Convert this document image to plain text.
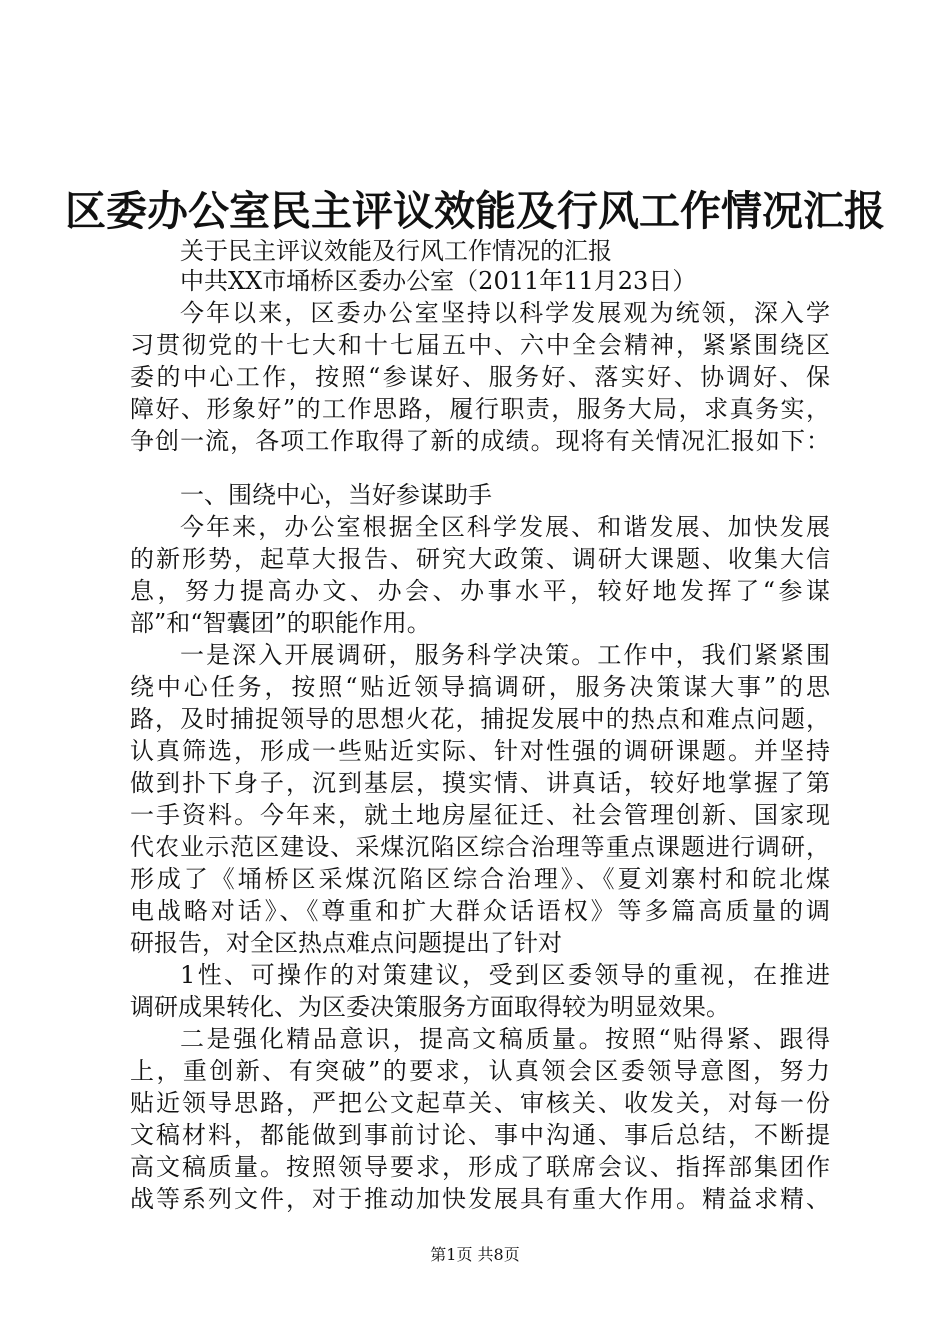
区委办公室民主评议效能及行风工作情况汇报
关于民主评议效能及行风工作情况的汇报
中共XX市埇桥区委办公室（2011年11月23日）
今年以来，区委办公室坚持以科学发展观为统领，深入学
习贯彻党的十七大和十七届五中、六中全会精神，紧紧围绕区
委的中心工作，按照“参谋好、服务好、落实好、协调好、保
障好、形象好”的工作思路，履行职责，服务大局，求真务实，
争创一流，各项工作取得了新的成绩。现将有关情况汇报如下：
一、围绕中心，当好参谋助手
今年来，办公室根据全区科学发展、和谐发展、加快发展
的新形势，起草大报告、研究大政策、调研大课题、收集大信
息，努力提高办文、办会、办事水平，较好地发挥了“参谋
部”和“智囊团”的职能作用。
一是深入开展调研，服务科学决策。工作中，我们紧紧围
绕中心任务，按照“贴近领导搞调研，服务决策谋大事”的思
路，及时捕捉领导的思想火花，捕捉发展中的热点和难点问题，
认真筛选，形成一些贴近实际、针对性强的调研课题。并坚持
做到扑下身子，沉到基层，摸实情、讲真话，较好地掌握了第
一手资料。今年来，就土地房屋征迁、社会管理创新、国家现
代农业示范区建设、采煤沉陷区综合治理等重点课题进行调研，
形成了《埇桥区采煤沉陷区综合治理》、《夏刘寨村和皖北煤
电战略对话》、《尊重和扩大群众话语权》等多篇高质量的调
研报告，对全区热点难点问题提出了针对
1性、可操作的对策建议，受到区委领导的重视，在推进
调研成果转化、为区委决策服务方面取得较为明显效果。
二是强化精品意识，提高文稿质量。按照“贴得紧、跟得
上，重创新、有突破”的要求，认真领会区委领导意图，努力
贴近领导思路，严把公文起草关、审核关、收发关，对每一份
文稿材料，都能做到事前讨论、事中沟通、事后总结，不断提
高文稿质量。按照领导要求，形成了联席会议、指挥部集团作
战等系列文件，对于推动加快发展具有重大作用。精益求精、
第1页 共8页
